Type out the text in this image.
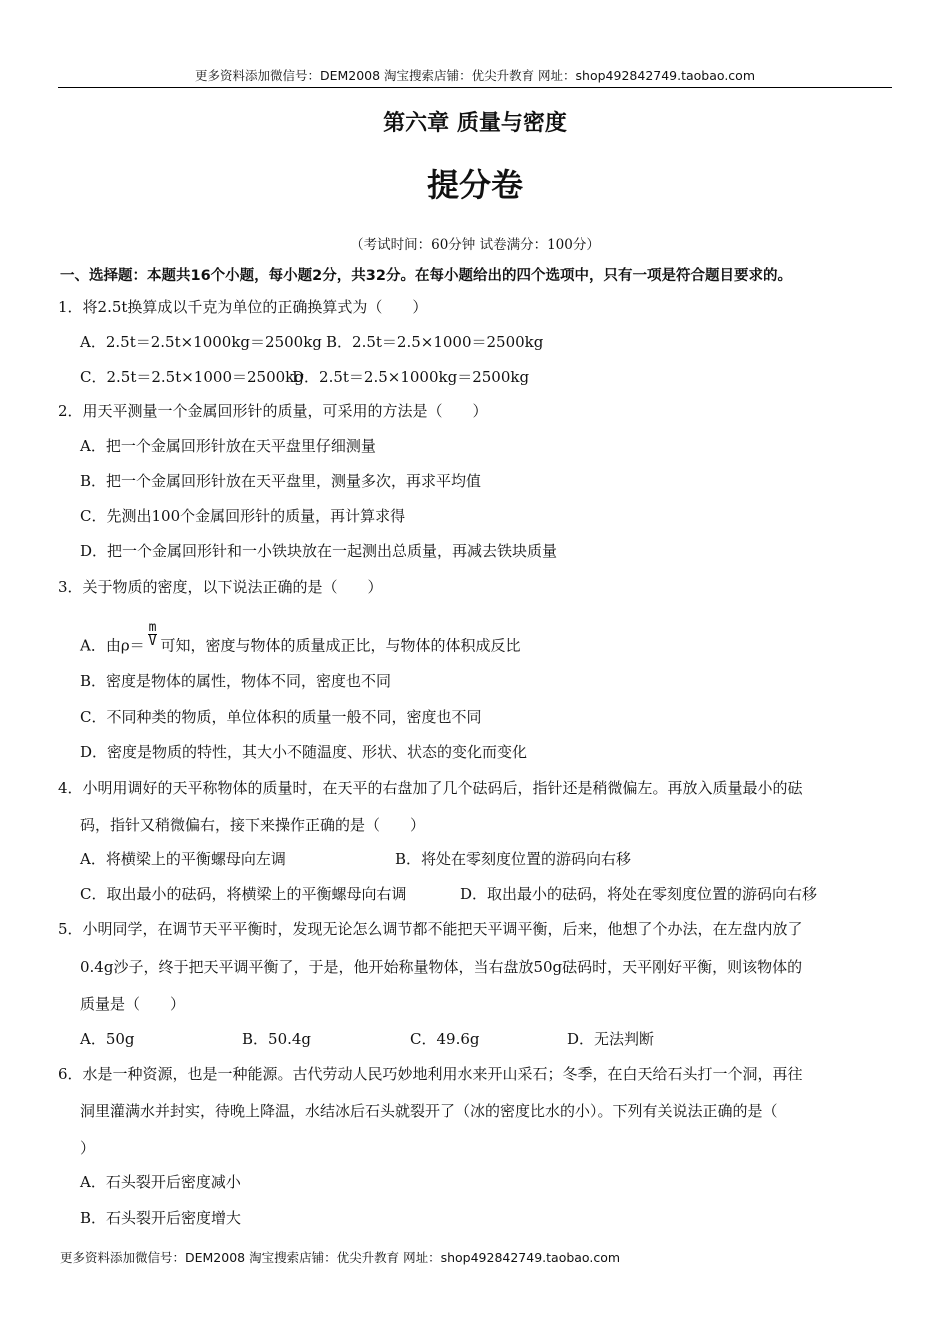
更多资料添加微信号：DEM2008 淘宝搜索店铺：优尖升教育 网址：shop492842749.taobao.com
第六章 质量与密度
提分卷
（考试时间：60分钟 试卷满分：100分）
一、选择题：本题共16个小题，每小题2分，共32分。在每小题给出的四个选项中，只有一项是符合题目要求的。
1．将2.5t换算成以千克为单位的正确换算式为（　　）
A．2.5t＝2.5t×1000kg＝2500kg B．2.5t＝2.5×1000＝2500kg
C．2.5t＝2.5t×1000＝2500kg
D．2.5t＝2.5×1000kg＝2500kg
2．用天平测量一个金属回形针的质量，可采用的方法是（　　）
A．把一个金属回形针放在天平盘里仔细测量
B．把一个金属回形针放在天平盘里，测量多次，再求平均值
C．先测出100个金属回形针的质量，再计算求得
D．把一个金属回形针和一小铁块放在一起测出总质量，再减去铁块质量
3．关于物质的密度，以下说法正确的是（　　）
A．由$\rho= \frac{m}{V}$ 可知，密度与物体的质量成正比，与物体的体积成反比
B．密度是物体的属性，物体不同，密度也不同
C．不同种类的物质，单位体积的质量一般不同，密度也不同
D．密度是物质的特性，其大小不随温度、形状、状态的变化而变化
4．小明用调好的天平称物体的质量时，在天平的右盘加了几个砝码后，指针还是稍微偏左。再放入质量最小的砝
码，指针又稍微偏右，接下来操作正确的是（　　）
A．将横梁上的平衡螺母向左调	B．将处在零刻度位置的游码向右移
C．取出最小的砝码，将横梁上的平衡螺母向右调	D．取出最小的砝码，将处在零刻度位置的游码向右移
5．小明同学，在调节天平平衡时，发现无论怎么调节都不能把天平调平衡，后来，他想了个办法，在左盘内放了
0.4g沙子，终于把天平调平衡了，于是，他开始称量物体，当右盘放50g砝码时，天平刚好平衡，则该物体的
质量是（　　）
A．50g	B．50.4g	C．49.6g	D．无法判断
6．水是一种资源，也是一种能源。古代劳动人民巧妙地利用水来开山采石；冬季，在白天给石头打一个洞，再往
洞里灌满水并封实，待晚上降温，水结冰后石头就裂开了（冰的密度比水的小）。下列有关说法正确的是（
）
A．石头裂开后密度减小
B．石头裂开后密度增大
更多资料添加微信号：DEM2008 淘宝搜索店铺：优尖升教育 网址：shop492842749.taobao.com
